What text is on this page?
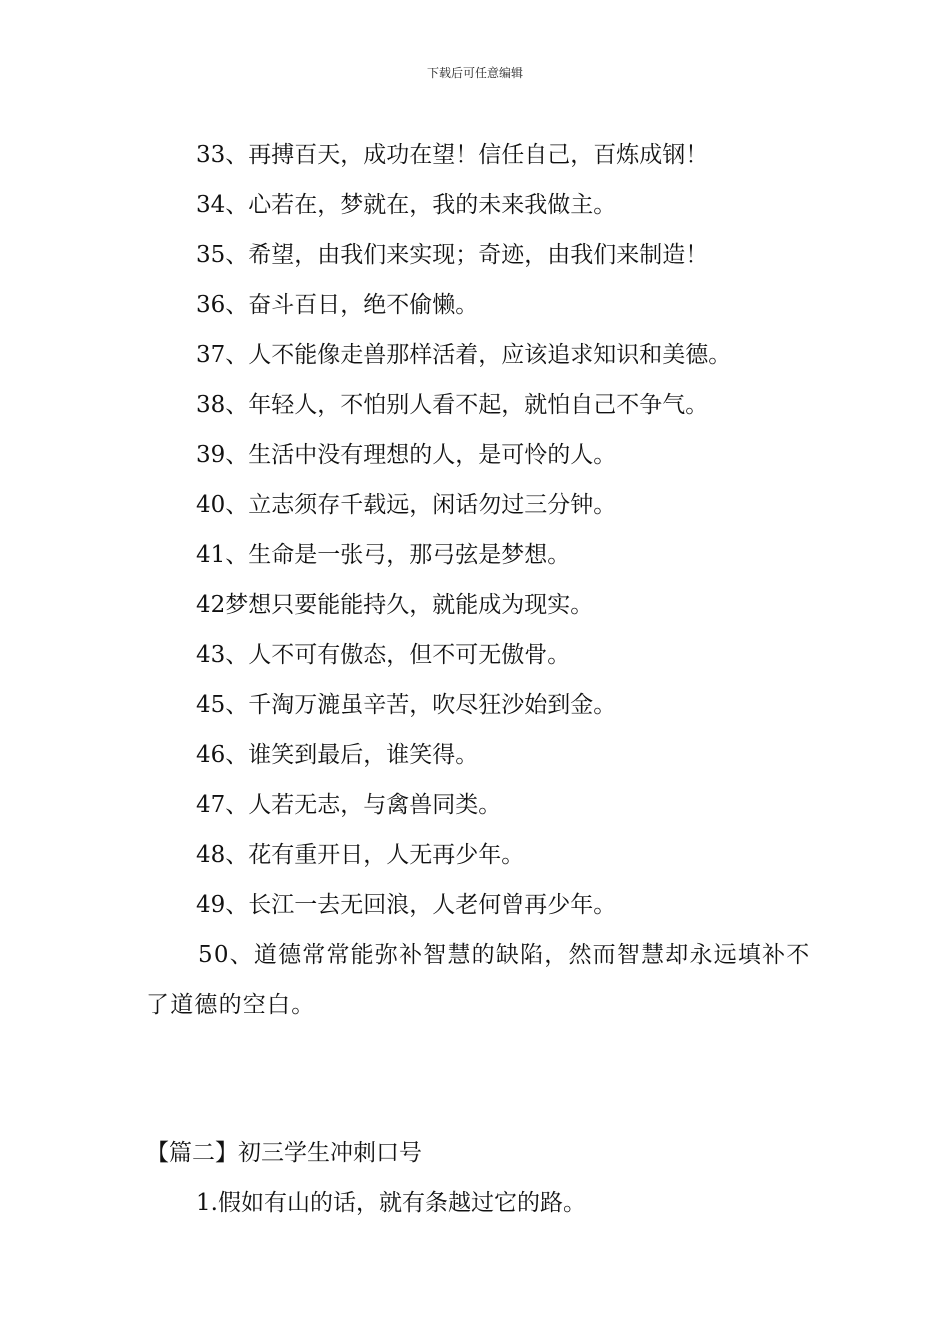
下载后可任意编辑
33、再搏百天，成功在望！信任自己，百炼成钢！
34、心若在，梦就在，我的未来我做主。
35、希望，由我们来实现；奇迹，由我们来制造！
36、奋斗百日，绝不偷懒。
37、人不能像走兽那样活着，应该追求知识和美德。
38、年轻人，不怕别人看不起，就怕自己不争气。
39、生活中没有理想的人，是可怜的人。
40、立志须存千载远，闲话勿过三分钟。
41、生命是一张弓，那弓弦是梦想。
42梦想只要能能持久，就能成为现实。
43、人不可有傲态，但不可无傲骨。
45、千淘万漉虽辛苦，吹尽狂沙始到金。
46、谁笑到最后，谁笑得。
47、人若无志，与禽兽同类。
48、花有重开日，人无再少年。
49、长江一去无回浪，人老何曾再少年。
50、道德常常能弥补智慧的缺陷，然而智慧却永远填补不了道德的空白。
【篇二】初三学生冲刺口号
1.假如有山的话，就有条越过它的路。
